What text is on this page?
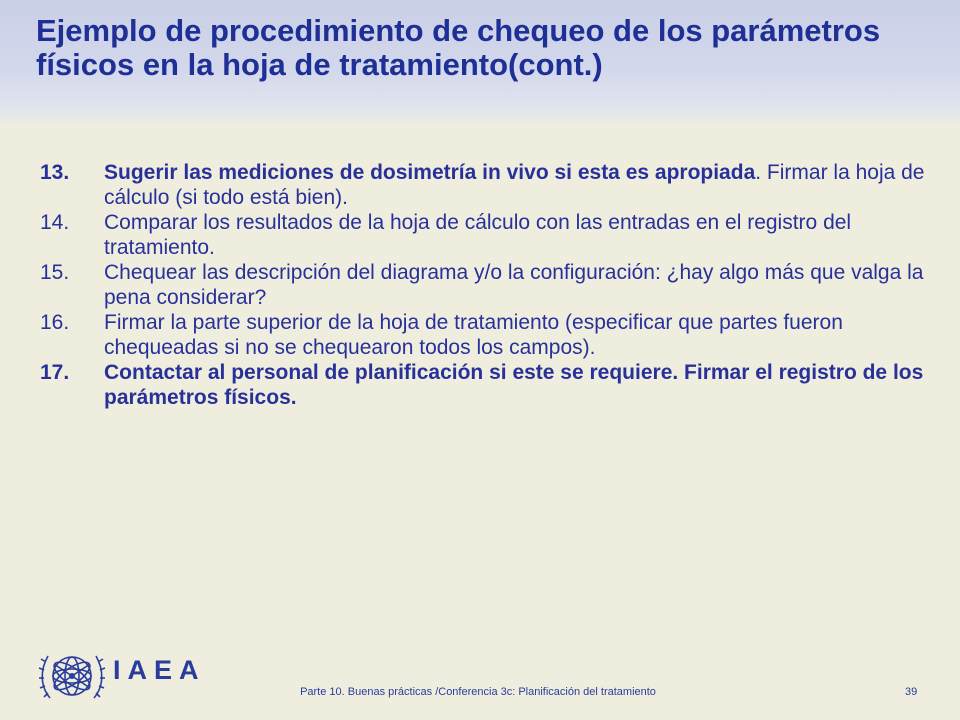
Ejemplo de procedimiento de chequeo de los parámetros físicos en la hoja de tratamiento(cont.)
13.	Sugerir las mediciones de dosimetría in vivo si esta es apropiada. Firmar la hoja de cálculo (si todo está bien).
14.	Comparar los resultados de la hoja de cálculo con las entradas en el registro del tratamiento.
15.	Chequear las descripción del diagrama y/o la configuración: ¿hay algo más que valga la pena considerar?
16.	Firmar la parte superior de la hoja de tratamiento (especificar que partes fueron chequeadas si no se chequearon todos los campos).
17.	Contactar al personal de planificación si este se requiere. Firmar el registro de los parámetros físicos.
IAEA
Parte 10. Buenas prácticas /Conferencia 3c: Planificación del tratamiento	39
